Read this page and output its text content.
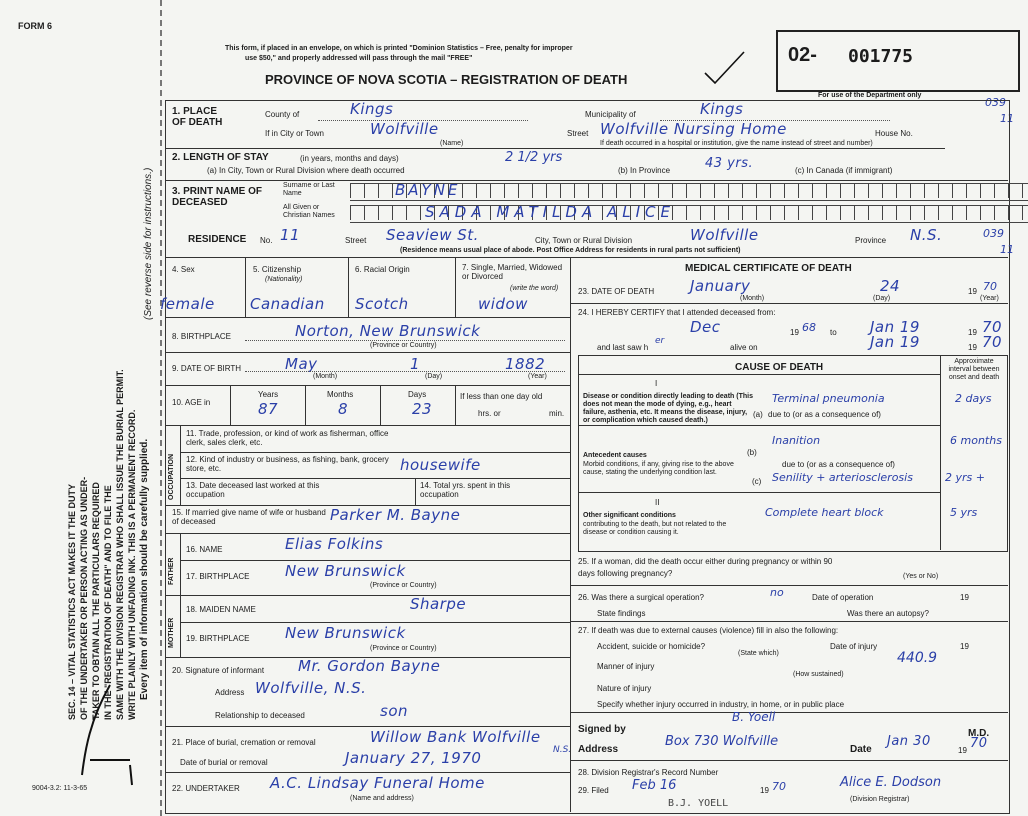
FORM 6
SEC. 14 – VITAL STATISTICS ACT MAKES IT THE DUTY OF THE UNDERTAKER OR PERSON ACTING AS UNDER- TAKER TO OBTAIN ALL THE PARTICULARS REQUIRED IN THE "REGISTRATION OF DEATH" AND TO FILE THE SAME WITH THE DIVISION REGISTRAR WHO SHALL ISSUE THE BURIAL PERMIT. WRITE PLAINLY WITH UNFADING INK. THIS IS A PERMANENT RECORD. Every item of information should be carefully supplied.
(See reverse side for instructions.)
9004-3.2: 11-3-65
This form, if placed in an envelope, on which is printed "Dominion Statistics – Free, penalty for improper
use $50," and properly addressed will pass through the mail "FREE"
PROVINCE OF NOVA SCOTIA – REGISTRATION OF DEATH
02- 001775
For use of the Department only
039
11
1. PLACE OF DEATH
County of	Kings	Municipality of	Kings
If in City or Town	Wolfville
(Name)
Street Wolfville Nursing Home	House No.
If death occurred in a hospital or institution, give the name instead of street and number)
2. LENGTH OF STAY	(in years, months and days)
(a) In City, Town or Rural Division where death occurred
2 1/2 yrs
(b) In Province	43 yrs.	(c) In Canada (if immigrant)
3. PRINT NAME OF DECEASED
Surname or Last Name
All Given or Christian Names
BAYNE
SADA MATILDA ALICE
RESIDENCE No. 11	Street Seaview St.	City, Town or Rural Division	Wolfville	Province N.S.	039
11
(Residence means usual place of abode. Post Office Address for residents in rural parts not sufficient)
4. Sex	5. Citizenship
(Nationality)
6. Racial Origin	7. Single, Married, Widowed or Divorced
(write the word)
female Canadian Scotch	widow
8. BIRTHPLACE	Norton, New Brunswick
(Province or Country)
9. DATE OF BIRTH	May
(Month)
1
(Day)
1882
(Year)
10. AGE in
Years
87
Months
8
Days
23
If less than one day old
hrs. or	min.
OCCUPATION
11. Trade, profession, or kind of work as fisherman, office clerk, sales clerk, etc.
12. Kind of industry or business, as fishing, bank, grocery store, etc.	housewife
13. Date deceased last worked at this occupation
14. Total yrs. spent in this occupation
15. If married give name of wife or husband of deceased	Parker M. Bayne
FATHER
16. NAME	Elias Folkins
17. BIRTHPLACE New Brunswick
(Province or Country)
MOTHER
18. MAIDEN NAME	Sharpe
19. BIRTHPLACE New Brunswick
(Province or Country)
20. Signature of informant Mr. Gordon Bayne
Address Wolfville, N.S.
Relationship to deceased	son
21. Place of burial, cremation or removal	Willow Bank Wolfville
N.S.
Date of burial or removal	January 27, 1970
22. UNDERTAKER A.C. Lindsay Funeral Home
(Name and address)
MEDICAL CERTIFICATE OF DEATH
23. DATE OF DEATH January
(Month)
24
(Day)
19 70
(Year)
24. I HEREBY CERTIFY that I attended deceased from:
Dec	19 68 to Jan 19	19 70
and last saw h
er
alive on	Jan 19	19 70
CAUSE OF DEATH
Approximate interval between onset and death
I
Disease or condition directly leading to death (This does not mean the mode of dying, e.g., heart failure, asthenia, etc. It means the disease, injury, or complication which caused death.)
(a)
Terminal pneumonia	2 days
due to (or as a consequence of)
Antecedent causes
Morbid conditions, if any, giving rise to the above cause, stating the underlying condition last.
(b)
Inanition	6 months
due to (or as a consequence of)
(c) Senility + arteriosclerosis	2 yrs +
II
Other significant conditions
contributing to the death, but not related to the disease or condition causing it.
Complete heart block	5 yrs
25. If a woman, did the death occur either during pregnancy or within 90 days following pregnancy?	(Yes or No)
26. Was there a surgical operation?	no	Date of operation	19
State findings	Was there an autopsy?
27. If death was due to external causes (violence) fill in also the following:
Accident, suicide or homicide?
(State which)
Date of injury	19
Manner of injury
440.9
(How sustained)
Nature of injury
Specify whether injury occurred in industry, in home, or in public place
Signed by
B. Yoell
M.D.
Address
Box 730 Wolfville
Date
Jan 30
19 70
28. Division Registrar's Record Number
29. Filed Feb 16	19 70	Alice E. Dodson
(Division Registrar)
B.J. YOELL
